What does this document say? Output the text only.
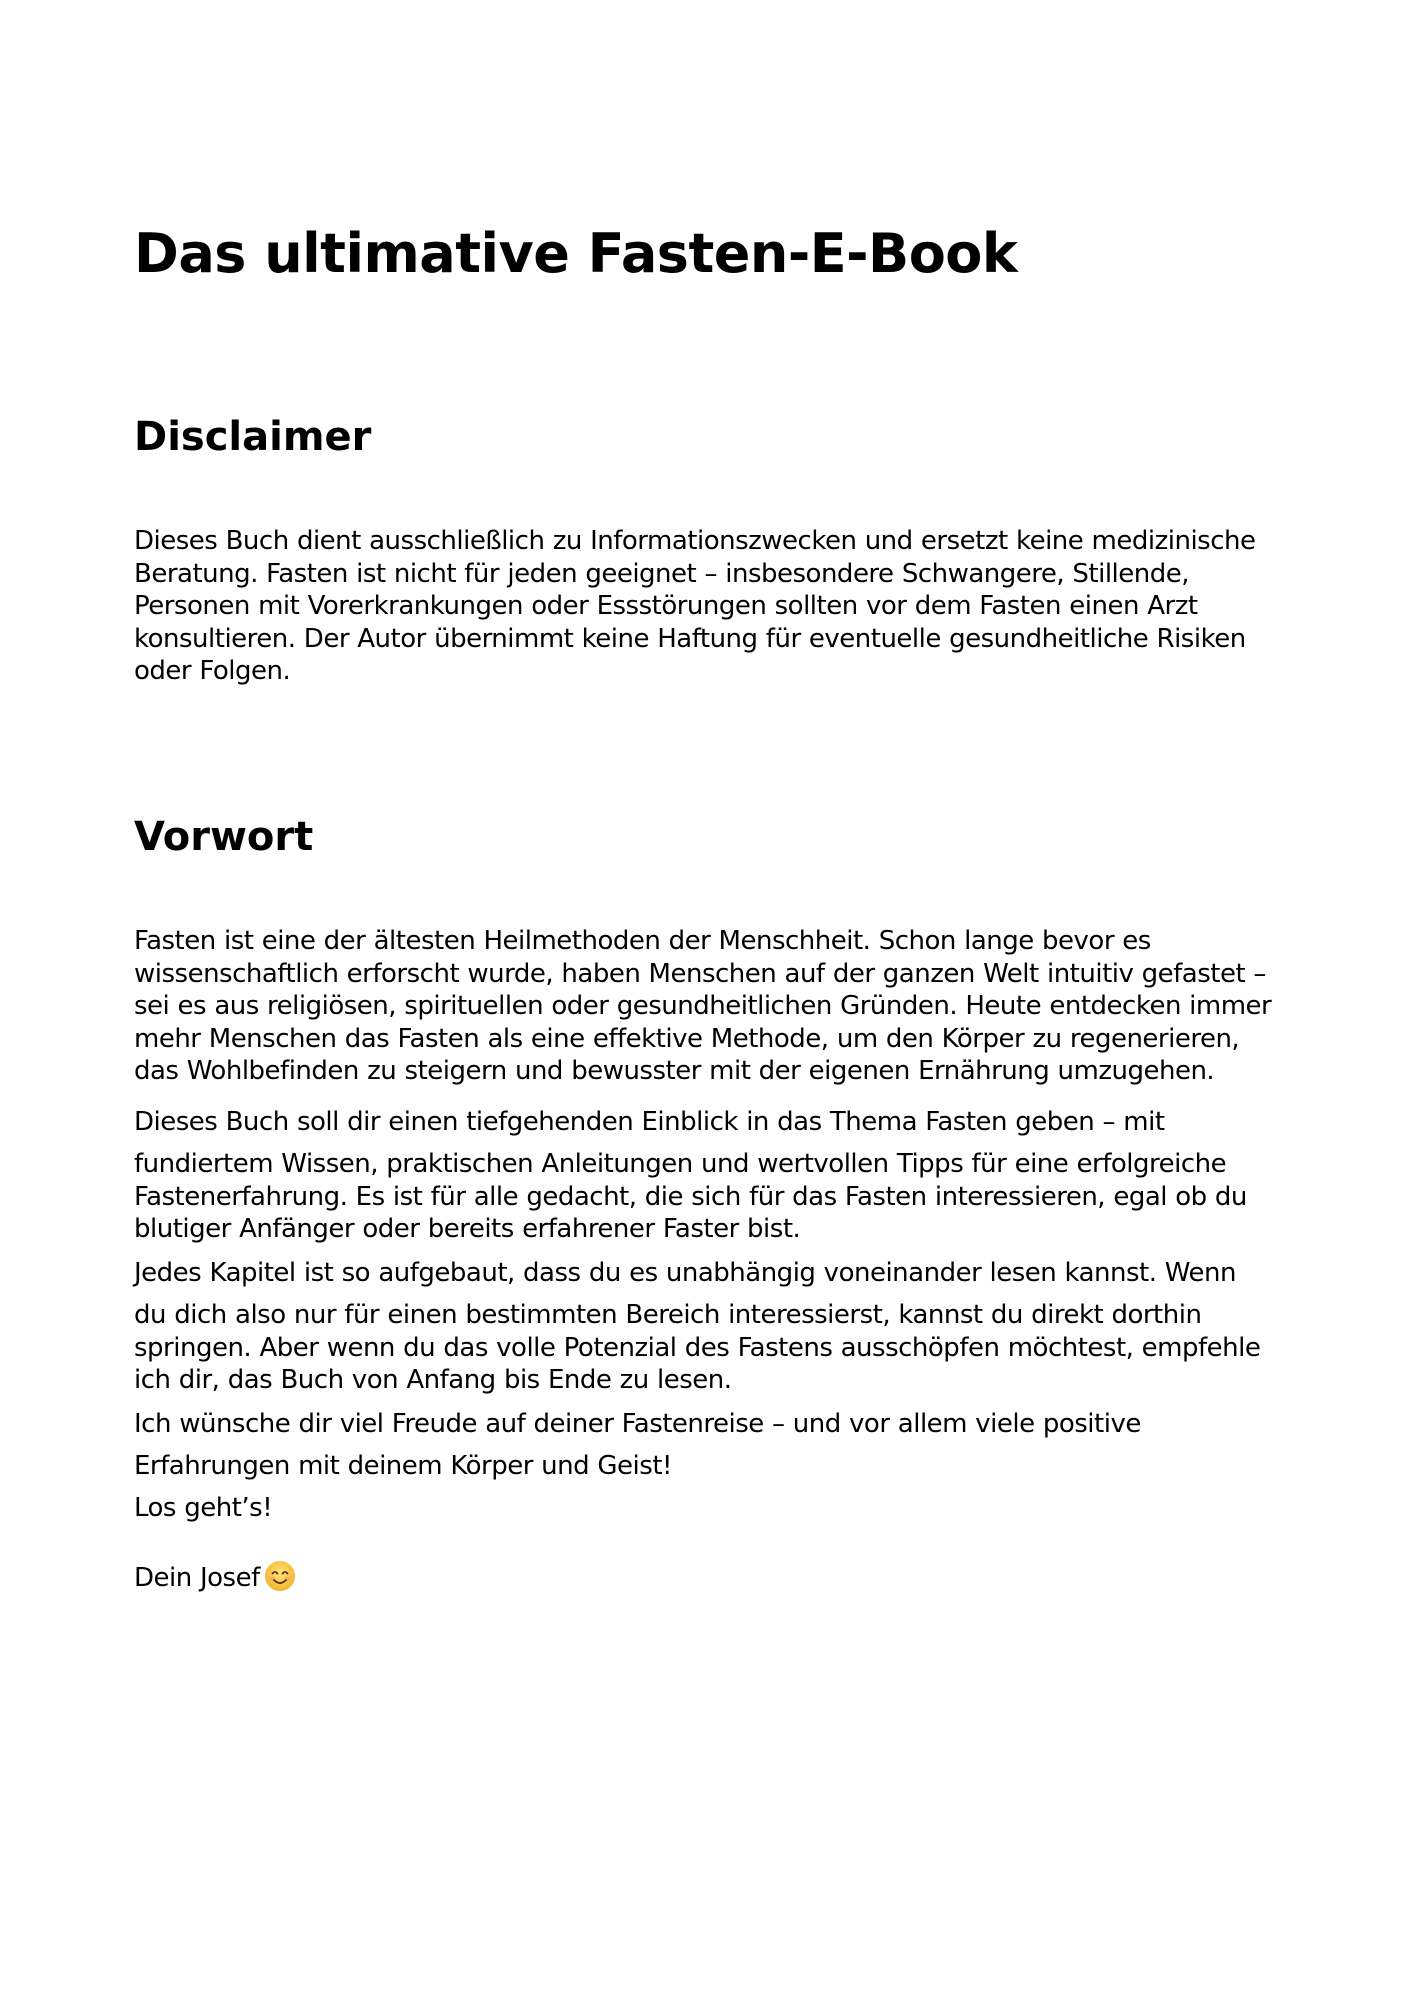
Das ultimative Fasten-E-Book
Disclaimer

Dieses Buch dient ausschließlich zu Informationszwecken und ersetzt keine medizinische
Beratung. Fasten ist nicht für jeden geeignet – insbesondere Schwangere, Stillende,
Personen mit Vorerkrankungen oder Essstörungen sollten vor dem Fasten einen Arzt
konsultieren. Der Autor übernimmt keine Haftung für eventuelle gesundheitliche Risiken
oder Folgen.

Vorwort

Fasten ist eine der ältesten Heilmethoden der Menschheit. Schon lange bevor es
wissenschaftlich erforscht wurde, haben Menschen auf der ganzen Welt intuitiv gefastet –
sei es aus religiösen, spirituellen oder gesundheitlichen Gründen. Heute entdecken immer
mehr Menschen das Fasten als eine effektive Methode, um den Körper zu regenerieren,
das Wohlbefinden zu steigern und bewusster mit der eigenen Ernährung umzugehen.

Dieses Buch soll dir einen tiefgehenden Einblick in das Thema Fasten geben – mit

fundiertem Wissen, praktischen Anleitungen und wertvollen Tipps für eine erfolgreiche
Fastenerfahrung. Es ist für alle gedacht, die sich für das Fasten interessieren, egal ob du
blutiger Anfänger oder bereits erfahrener Faster bist.

Jedes Kapitel ist so aufgebaut, dass du es unabhängig voneinander lesen kannst. Wenn

du dich also nur für einen bestimmten Bereich interessierst, kannst du direkt dorthin
springen. Aber wenn du das volle Potenzial des Fastens ausschöpfen möchtest, empfehle
ich dir, das Buch von Anfang bis Ende zu lesen.

Ich wünsche dir viel Freude auf deiner Fastenreise – und vor allem viele positive

Erfahrungen mit deinem Körper und Geist!

Los geht’s!

Dein Josef
